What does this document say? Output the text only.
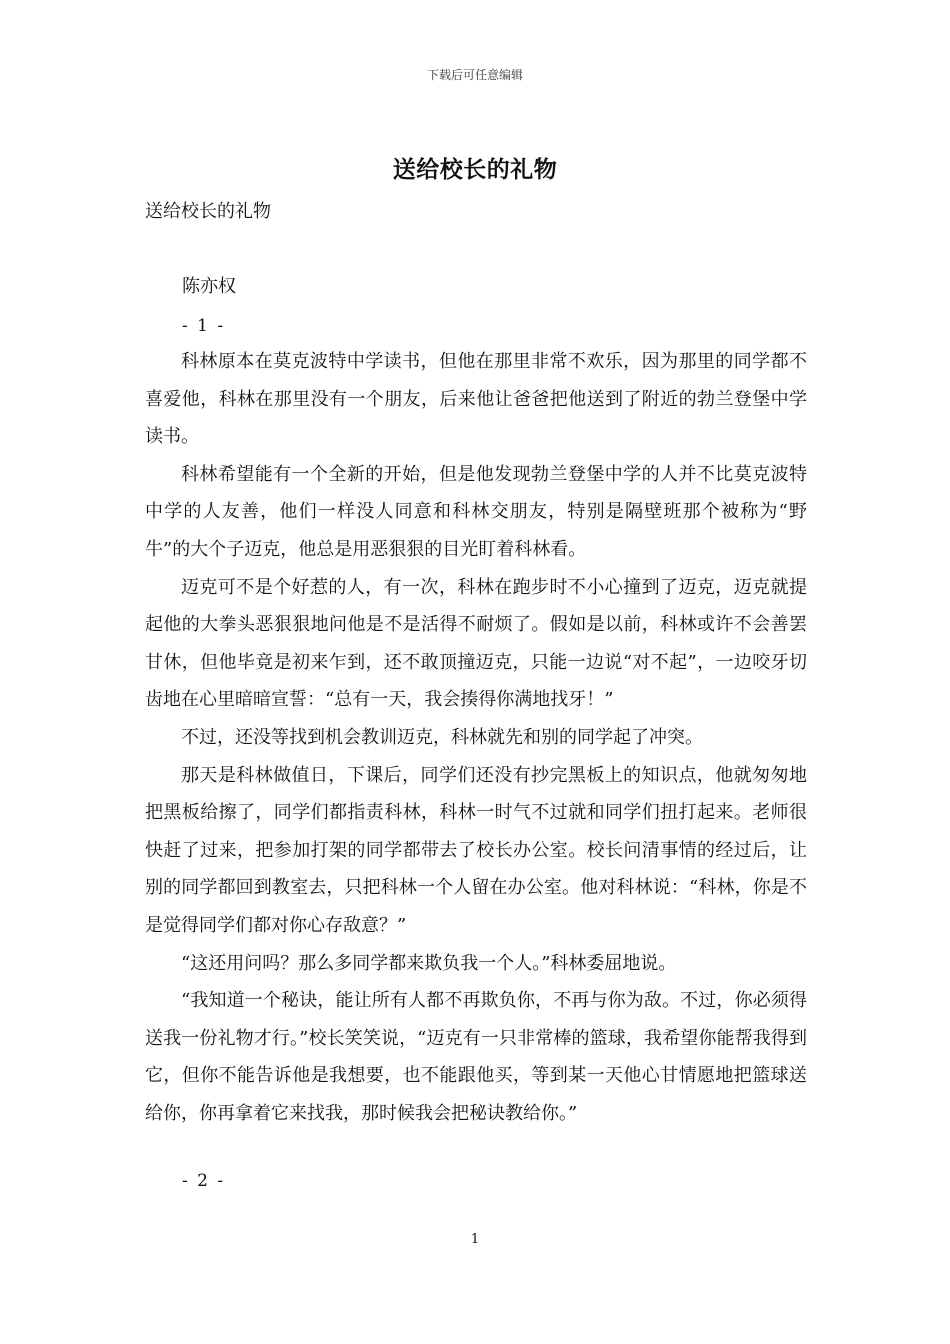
下载后可任意编辑
送给校长的礼物
送给校长的礼物
陈亦权
- 1 -

科林原本在莫克波特中学读书，但他在那里非常不欢乐，因为那里的同学都不喜爱他，科林在那里没有一个朋友，后来他让爸爸把他送到了附近的勃兰登堡中学读书。

科林希望能有一个全新的开始，但是他发现勃兰登堡中学的人并不比莫克波特中学的人友善，他们一样没人同意和科林交朋友，特别是隔壁班那个被称为“野牛”的大个子迈克，他总是用恶狠狠的目光盯着科林看。

迈克可不是个好惹的人，有一次，科林在跑步时不小心撞到了迈克，迈克就提起他的大拳头恶狠狠地问他是不是活得不耐烦了。假如是以前，科林或许不会善罢甘休，但他毕竟是初来乍到，还不敢顶撞迈克，只能一边说“对不起”，一边咬牙切齿地在心里暗暗宣誓：“总有一天，我会揍得你满地找牙！”

不过，还没等找到机会教训迈克，科林就先和别的同学起了冲突。

那天是科林做值日，下课后，同学们还没有抄完黑板上的知识点，他就匆匆地把黑板给擦了，同学们都指责科林，科林一时气不过就和同学们扭打起来。老师很快赶了过来，把参加打架的同学都带去了校长办公室。校长问清事情的经过后，让别的同学都回到教室去，只把科林一个人留在办公室。他对科林说：“科林，你是不是觉得同学们都对你心存敌意？”

“这还用问吗？那么多同学都来欺负我一个人。”科林委屈地说。

“我知道一个秘诀，能让所有人都不再欺负你，不再与你为敌。不过，你必须得送我一份礼物才行。”校长笑笑说，“迈克有一只非常棒的篮球，我希望你能帮我得到它，但你不能告诉他是我想要，也不能跟他买，等到某一天他心甘情愿地把篮球送给你，你再拿着它来找我，那时候我会把秘诀教给你。”

- 2 -
1
